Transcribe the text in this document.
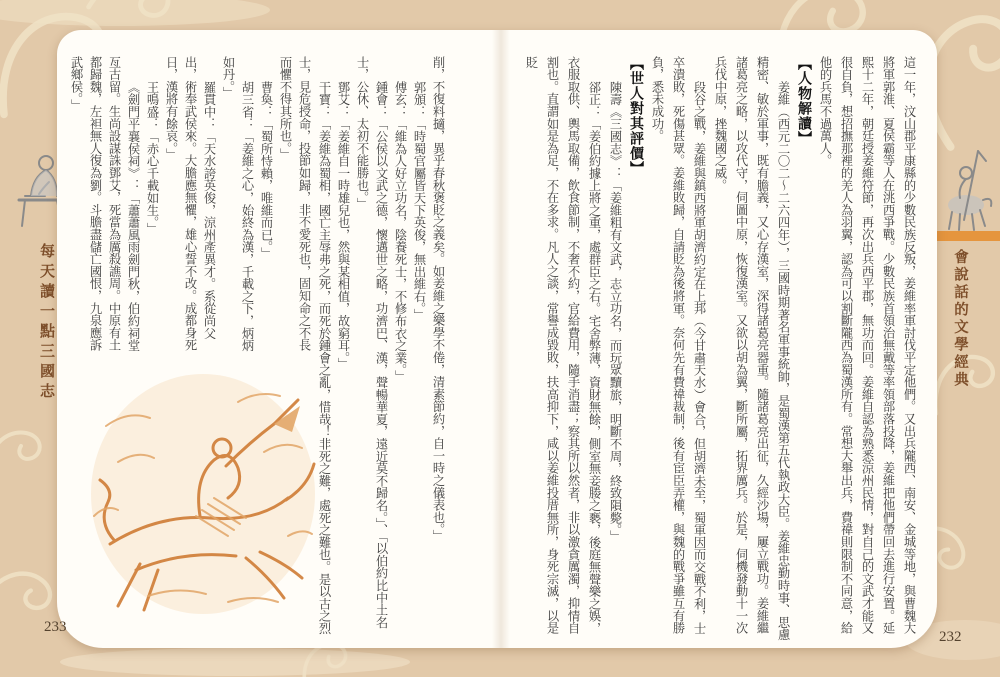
每天讀一點三國志	會說話的文學經典

這一年，汶山郡平康縣的少數民族反叛，姜維率軍討伐平定他們。又出兵隴西、南安、金城等地，與曹魏大將軍郭淮、夏侯霸等人在洮西爭戰。少數民族首領治無戴等率領部落投降，姜維把他們帶回去進行安置。延熙十二年，朝廷授姜維符節，再次出兵西平郡，無功而回。姜維自認為熟悉涼州民情，對自己的文武才能又很自負，想招撫那裡的羌人為羽翼，認為可以割斷隴西為蜀漢所有。常想大舉出兵，費禕則限制不同意，給他的兵馬不過萬人。

【人物解讀】

姜維（西元二〇二～二六四年），三國時期著名軍事統帥，是蜀漢第五代執政大臣。姜維忠勤時事、思慮精密、敏於軍事，既有膽義，又心存漢室，深得諸葛亮器重。隨諸葛亮出征，久經沙場，屢立戰功。姜維繼諸葛亮之略，以攻代守，伺圖中原，恢復漢室。又欲以胡為翼，斷所屬，拓界厲兵。於是，伺機發動十一次兵伐中原，挫魏國之威。

段谷之戰，姜維與鎮西將軍胡濟約定在上邦（今甘肅天水）會合，但胡濟未至，蜀軍因而交戰不利，士卒潰敗，死傷甚眾。姜維敗歸，自請貶為後將軍。奈何先有費禕裁制，後有宦臣弄權，與魏的戰爭雖互有勝負，悉未成功。

【世人對其評價】

陳壽《三國志》：「姜維粗有文武，志立功名，而玩眾黷旅，明斷不周，終致隕斃。」

郤正：「姜伯約據上將之重，處群臣之右。宅舍弊薄，資財無餘，側室無妾媵之褻，後庭無聲樂之娛，衣服取供、輿馬取備，飲食節制，不奢不約，官給費用，隨手消盡；察其所以然者，非以激貪厲濁，抑情自割也。直謂如是為足，不在多求。凡人之談，常譽成毀敗，扶高抑下，咸以姜維投厝無所，身死宗滅，以是貶

削，不復料擿，異乎春秋褒貶之義矣。如姜維之樂學不倦，清素節約，自一時之儀表也。」

郭頒：「時蜀官屬皆天下英俊，無出維右。」

傅玄：「維為人好立功名，陰養死士，不修布衣之業。」

鍾會：「公侯以文武之德，懷邁世之略，功濟巴、漢，聲暢華夏，遠近莫不歸名。」、「以伯約比中土名士，公休、太初不能勝也。」

鄧艾：「姜維自一時雄兒也，然與某相值，故窮耳。」

干寶：「姜維為蜀相，國亡主辱弗之死，而死於鍾會之亂，惜哉！非死之難，處死之難也。是以古之烈

士，見危授命，投節如歸，非不愛死也，固知命之不長而懼不得其所也。」

曹奐：「蜀所恃賴，唯維而已。」

胡三省：「姜維之心，始終為漢，千載之下，炳炳如丹。」

羅貫中：「天水誇英俊，涼州產異才。系從尚父出，術奉武侯來。大膽應無懼，雄心誓不改。成都身死日，漢將有餘哀。」

王鳴盛：「赤心千載如生。」

《劍門平襄侯祠》：「蕭蕭風雨劍門秋，伯約祠堂亙古留。生尚設謀誅鄧艾，死當為厲殺譙周。中原有土都歸魏，左袒無人復為劉。斗膽盡儲亡國恨，九泉應訴武鄉侯。」

233
232
